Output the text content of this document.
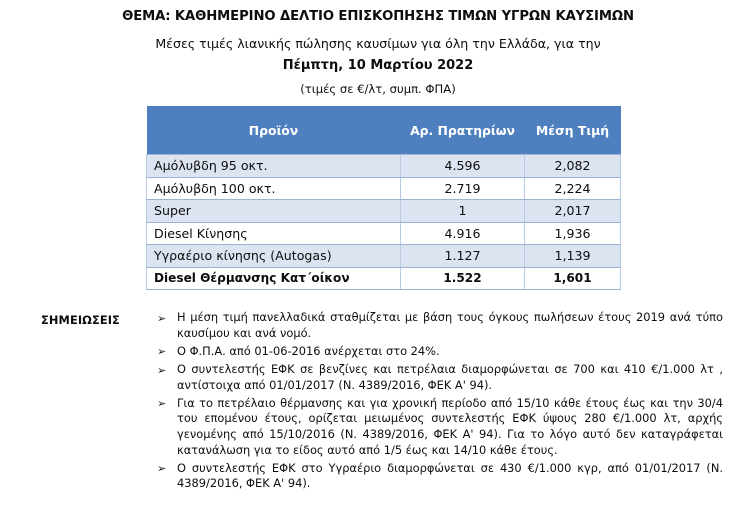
ΘΕΜΑ: ΚΑΘΗΜΕΡΙΝΟ ΔΕΛΤΙΟ ΕΠΙΣΚΟΠΗΣΗΣ ΤΙΜΩΝ ΥΓΡΩΝ ΚΑΥΣΙΜΩΝ
Μέσες τιμές λιανικής πώλησης καυσίμων για όλη την Ελλάδα, για την
Πέμπτη, 10 Μαρτίου 2022
(τιμές σε €/λτ, συμπ. ΦΠΑ)
Προϊόν	Αρ. Πρατηρίων	Μέση Τιμή
Αμόλυβδη 95 οκτ.	4.596	2,082
Αμόλυβδη 100 οκτ.	2.719	2,224
Super	1	2,017
Diesel Κίνησης	4.916	1,936
Υγραέριο κίνησης (Autogas)	1.127	1,139
Diesel Θέρμανσης Κατ΄οίκον	1.522	1,601
ΣΗΜΕΙΩΣΕΙΣ	➢ Η μέση τιμή πανελλαδικά σταθμίζεται με βάση τους όγκους πωλήσεων έτους 2019 ανά τύπο καυσίμου και ανά νομό.
➢ Ο Φ.Π.Α. από 01-06-2016 ανέρχεται στο 24%.
➢ Ο συντελεστής ΕΦΚ σε βενζίνες και πετρέλαια διαμορφώνεται σε 700 και 410 €/1.000 λτ , αντίστοιχα από 01/01/2017 (Ν. 4389/2016, ΦΕΚ Α' 94).
➢ Για το πετρέλαιο θέρμανσης και για χρονική περίοδο από 15/10 κάθε έτους έως και την 30/4 του επομένου έτους, ορίζεται μειωμένος συντελεστής ΕΦΚ ύψους 280 €/1.000 λτ, αρχής γενομένης από 15/10/2016 (Ν. 4389/2016, ΦΕΚ Α' 94). Για το λόγο αυτό δεν καταγράφεται κατανάλωση για το είδος αυτό από 1/5 έως και 14/10 κάθε έτους.
➢ Ο συντελεστής ΕΦΚ στο Υγραέριο διαμορφώνεται σε 430 €/1.000 κγρ, από 01/01/2017 (Ν. 4389/2016, ΦΕΚ Α' 94).
